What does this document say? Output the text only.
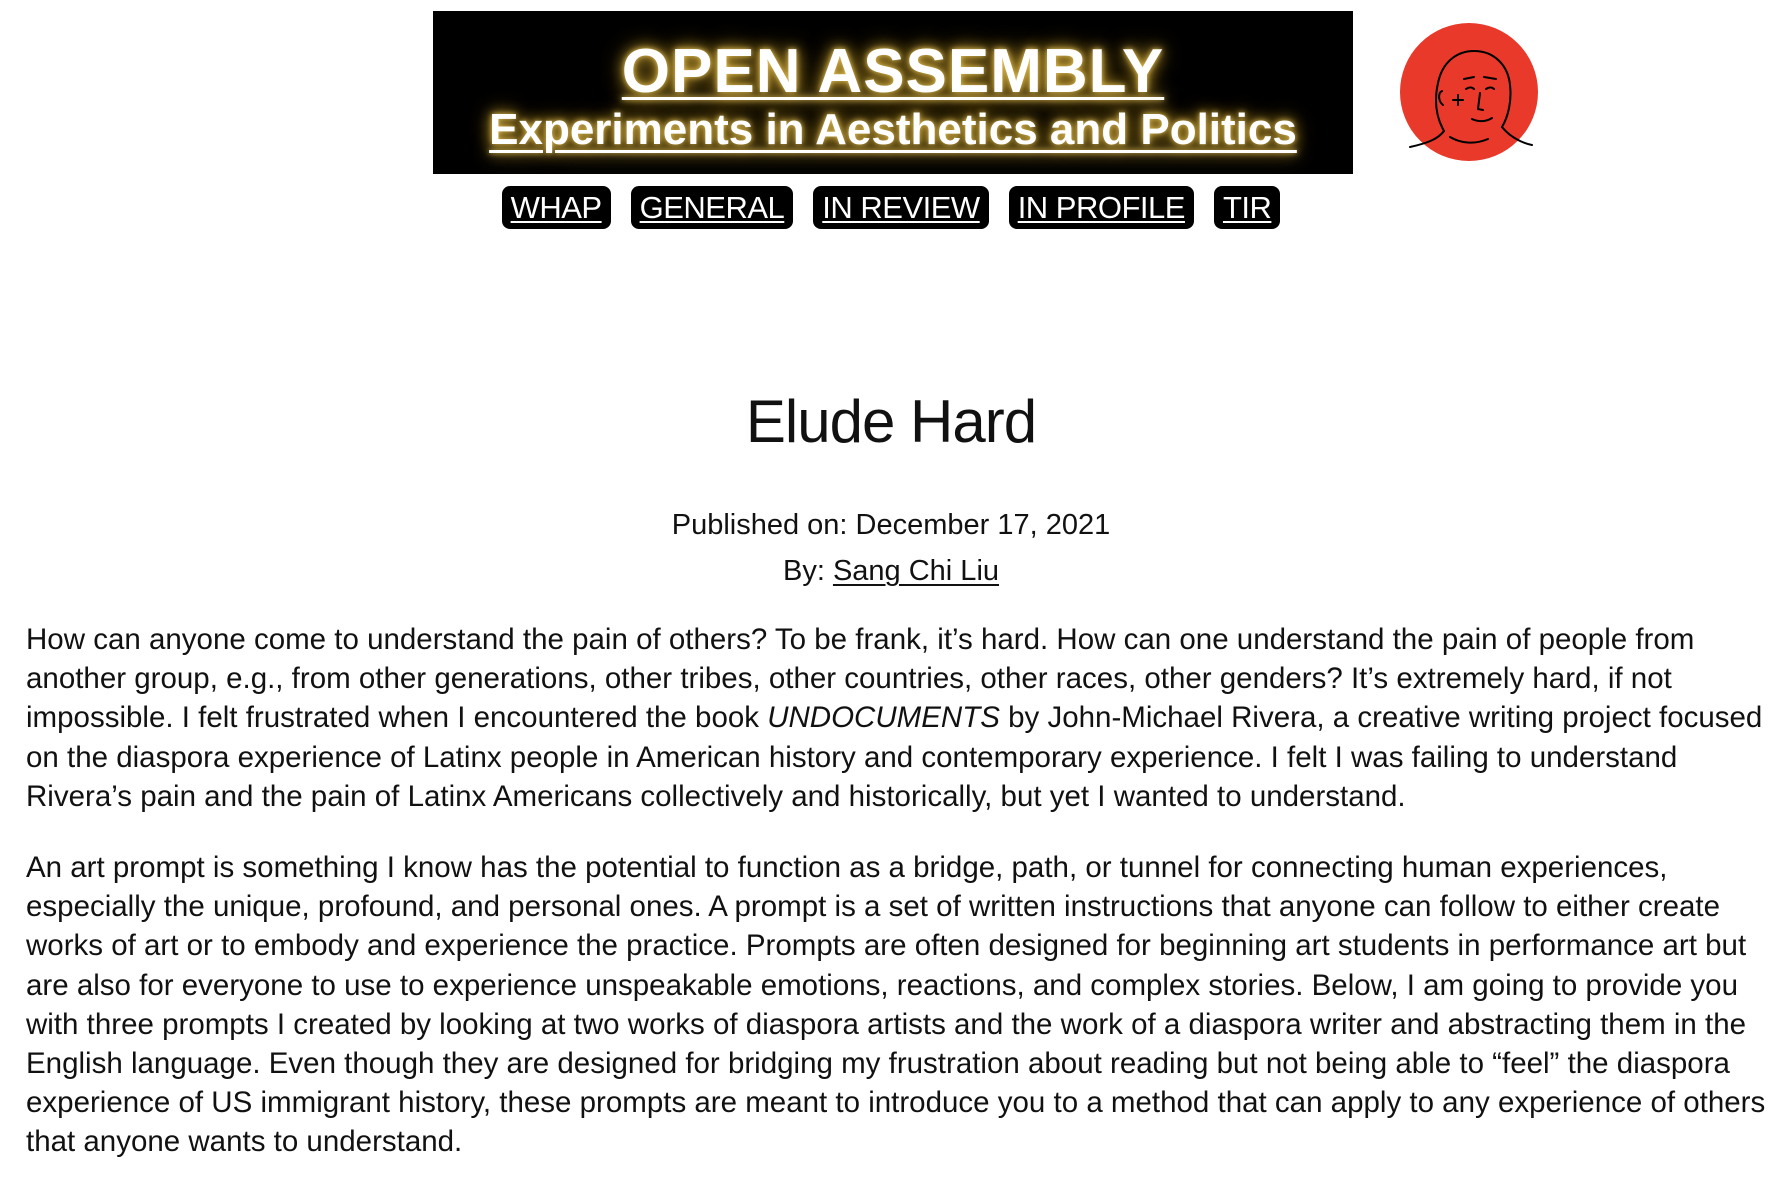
OPEN ASSEMBLY
Experiments in Aesthetics and Politics
WHAP GENERAL IN REVIEW IN PROFILE TIR
Elude Hard
Published on: December 17, 2021
By: Sang Chi Liu

How can anyone come to understand the pain of others? To be frank, it’s hard. How can one understand the pain of people from another group, e.g., from other generations, other tribes, other countries, other races, other genders? It’s extremely hard, if not impossible. I felt frustrated when I encountered the book UNDOCUMENTS by John-Michael Rivera, a creative writing project focused on the diaspora experience of Latinx people in American history and contemporary experience. I felt I was failing to understand Rivera’s pain and the pain of Latinx Americans collectively and historically, but yet I wanted to understand.

An art prompt is something I know has the potential to function as a bridge, path, or tunnel for connecting human experiences, especially the unique, profound, and personal ones. A prompt is a set of written instructions that anyone can follow to either create works of art or to embody and experience the practice. Prompts are often designed for beginning art students in performance art but are also for everyone to use to experience unspeakable emotions, reactions, and complex stories. Below, I am going to provide you with three prompts I created by looking at two works of diaspora artists and the work of a diaspora writer and abstracting them in the English language. Even though they are designed for bridging my frustration about reading but not being able to “feel” the diaspora experience of US immigrant history, these prompts are meant to introduce you to a method that can apply to any experience of others that anyone wants to understand.
